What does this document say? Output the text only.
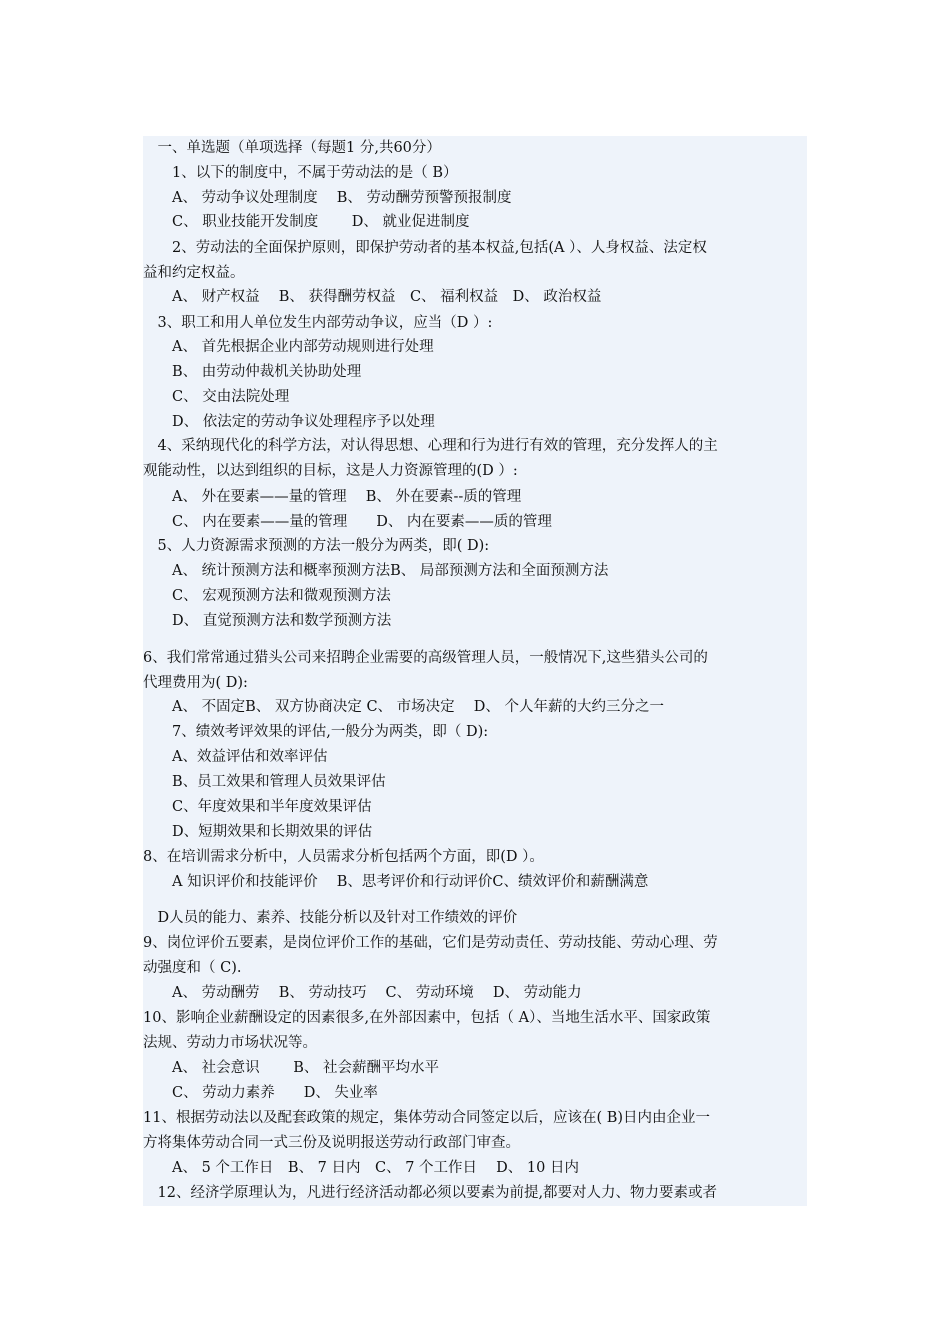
　一、单选题（单项选择（每题1 分,共60分）
　　1、以下的制度中，不属于劳动法的是（ B）
　　A、 劳动争议处理制度　 B、 劳动酬劳预警预报制度
　　C、 职业技能开发制度　　 D、 就业促进制度
　　2、劳动法的全面保护原则，即保护劳动者的基本权益,包括(A ）、人身权益、法定权
益和约定权益。
　　A、 财产权益　 B、 获得酬劳权益　C、 福利权益　D、 政治权益
　3、职工和用人单位发生内部劳动争议，应当（D ）:
　　A、 首先根据企业内部劳动规则进行处理
　　B、 由劳动仲裁机关协助处理
　　C、 交由法院处理
　　D、 依法定的劳动争议处理程序予以处理
　4、采纳现代化的科学方法，对认得思想、心理和行为进行有效的管理，充分发挥人的主
观能动性，以达到组织的目标，这是人力资源管理的(D ）:
　　A、 外在要素——量的管理　 B、 外在要素--质的管理
　　C、 内在要素——量的管理　　D、 内在要素——质的管理
　5、人力资源需求预测的方法一般分为两类，即( D):
　　A、 统计预测方法和概率预测方法B、 局部预测方法和全面预测方法
　　C、 宏观预测方法和微观预测方法
　　D、 直觉预测方法和数学预测方法
6、我们常常通过猎头公司来招聘企业需要的高级管理人员，一般情况下,这些猎头公司的
代理费用为( D):
　　A、 不固定B、 双方协商决定 C、 市场决定　 D、 个人年薪的大约三分之一
　　7、绩效考评效果的评估,一般分为两类，即（ D):
　　A、效益评估和效率评估
　　B、员工效果和管理人员效果评估
　　C、年度效果和半年度效果评估
　　D、短期效果和长期效果的评估
8、在培训需求分析中，人员需求分析包括两个方面，即(D ）。
　　A 知识评价和技能评价　 B、思考评价和行动评价C、绩效评价和薪酬满意
　D人员的能力、素养、技能分析以及针对工作绩效的评价
9、岗位评价五要素，是岗位评价工作的基础，它们是劳动责任、劳动技能、劳动心理、劳
动强度和（ C).
　　A、 劳动酬劳　 B、 劳动技巧　 C、 劳动环境　 D、 劳动能力
10、影响企业薪酬设定的因素很多,在外部因素中，包括（ A）、当地生活水平、国家政策
法规、劳动力市场状况等。
　　A、 社会意识　　 B、 社会薪酬平均水平
　　C、 劳动力素养　　D、 失业率
11、根据劳动法以及配套政策的规定，集体劳动合同签定以后，应该在( B)日内由企业一
方将集体劳动合同一式三份及说明报送劳动行政部门审查。
　　A、 5 个工作日　B、 7 日内　C、 7 个工作日　 D、 10 日内
　12、经济学原理认为，凡进行经济活动都必须以要素为前提,都要对人力、物力要素或者
